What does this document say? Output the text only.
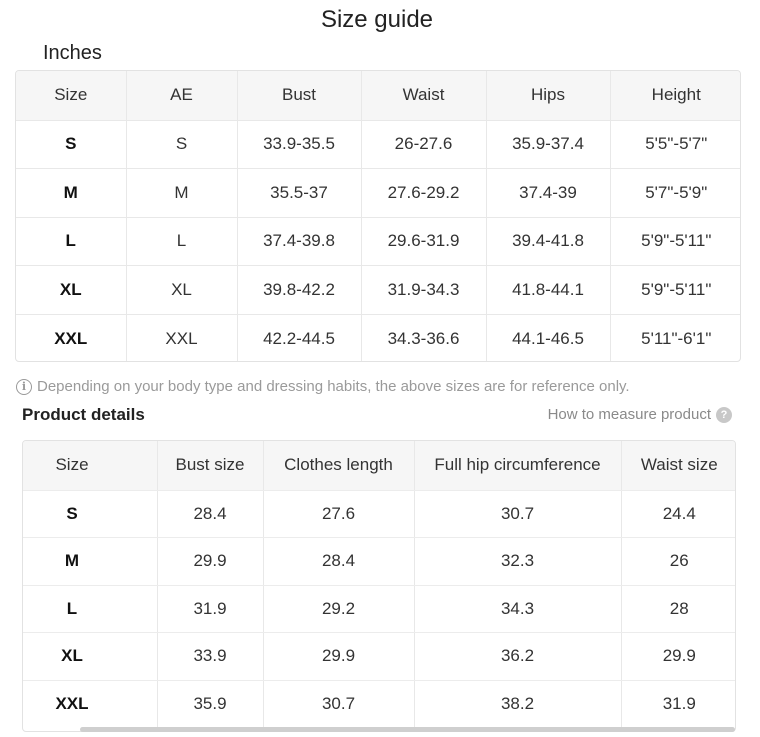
Size guide
Inches
Size	AE	Bust	Waist	Hips	Height
S	S	33.9-35.5	26-27.6	35.9-37.4	5'5"-5'7"
M	M	35.5-37	27.6-29.2	37.4-39	5'7"-5'9"
L	L	37.4-39.8	29.6-31.9	39.4-41.8	5'9"-5'11"
XL	XL	39.8-42.2	31.9-34.3	41.8-44.1	5'9"-5'11"
XXL	XXL	42.2-44.5	34.3-36.6	44.1-46.5	5'11"-6'1"
i Depending on your body type and dressing habits, the above sizes are for reference only.
Product details	How to measure product ?
Size		Bust size	Clothes length	Full hip circumference	Waist size
S		28.4	27.6	30.7	24.4
M		29.9	28.4	32.3	26
L		31.9	29.2	34.3	28
XL		33.9	29.9	36.2	29.9
XXL		35.9	30.7	38.2	31.9
